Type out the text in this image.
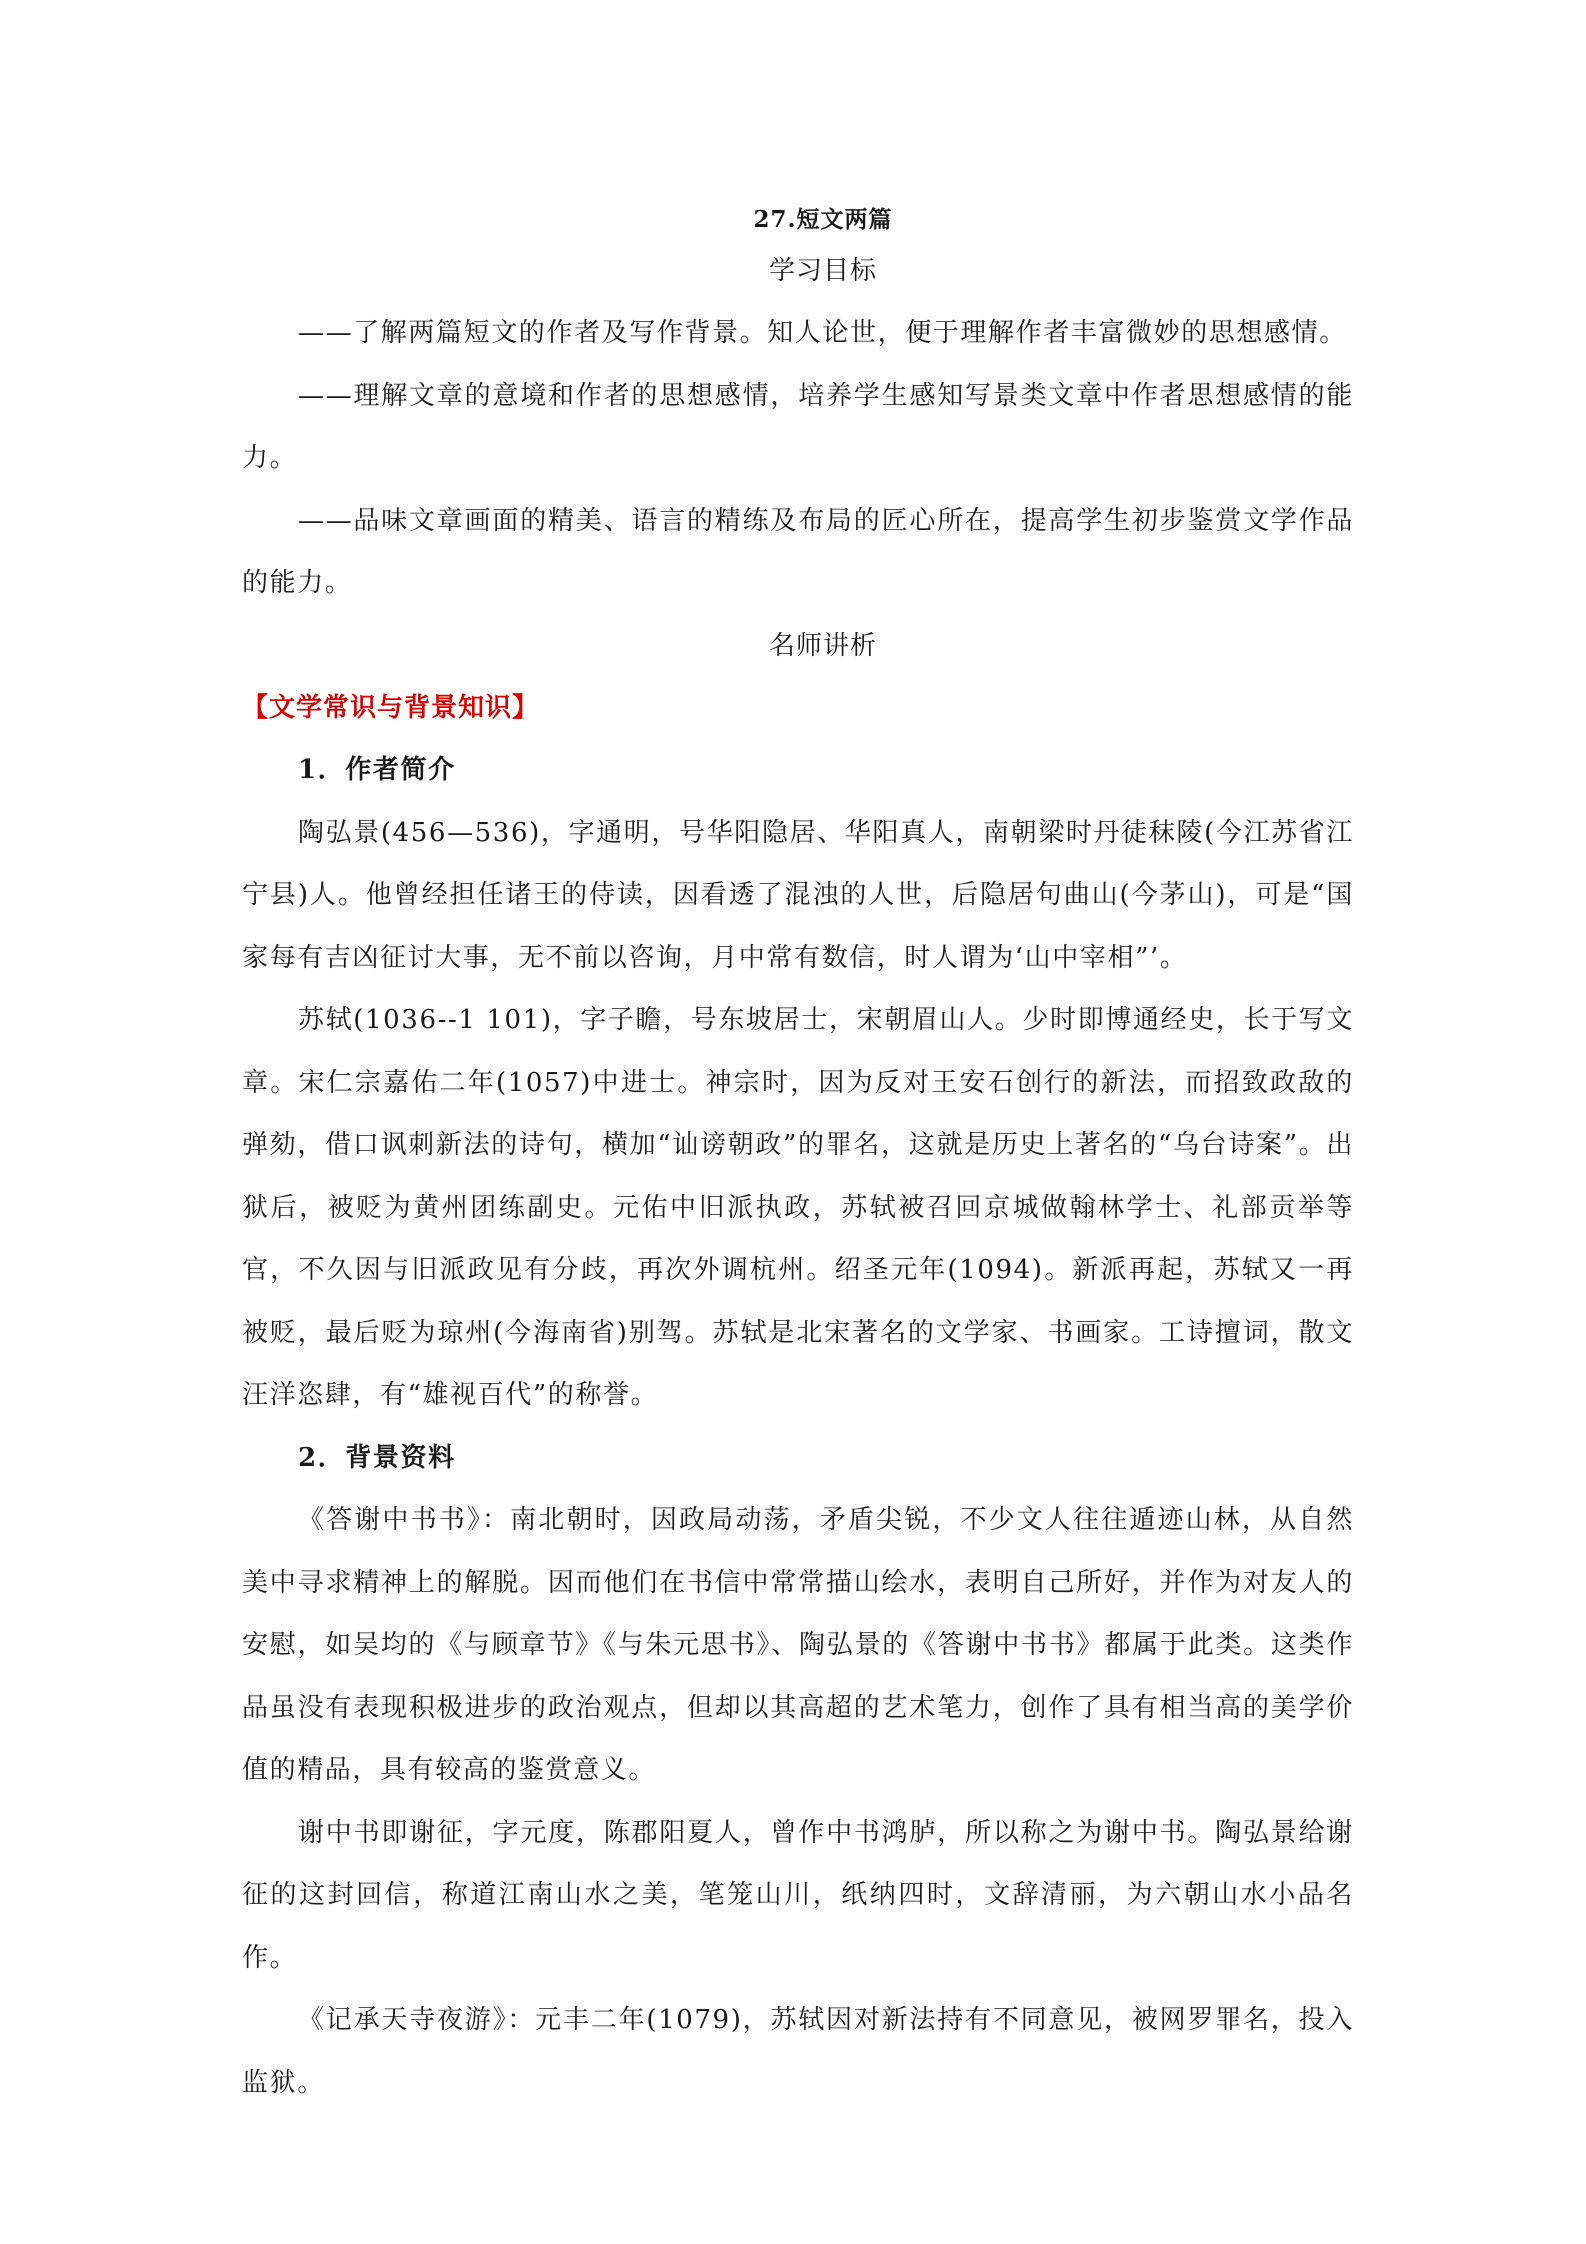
27.短文两篇
学习目标

——了解两篇短文的作者及写作背景。知人论世，便于理解作者丰富微妙的思想感情。

——理解文章的意境和作者的思想感情，培养学生感知写景类文章中作者思想感情的能力。

——品味文章画面的精美、语言的精练及布局的匠心所在，提高学生初步鉴赏文学作品的能力。

名师讲析
【文学常识与背景知识】
1．作者简介

陶弘景(456—536)，字通明，号华阳隐居、华阳真人，南朝梁时丹徒秣陵(今江苏省江宁县)人。他曾经担任诸王的侍读，因看透了混浊的人世，后隐居句曲山(今茅山)，可是“国家每有吉凶征讨大事，无不前以咨询，月中常有数信，时人谓为‘山中宰相”’。

苏轼(1036--1 101)，字子瞻，号东坡居士，宋朝眉山人。少时即博通经史，长于写文章。宋仁宗嘉佑二年(1057)中进士。神宗时，因为反对王安石创行的新法，而招致政敌的弹劾，借口讽刺新法的诗句，横加“讪谤朝政”的罪名，这就是历史上著名的“乌台诗案”。出狱后，被贬为黄州团练副史。元佑中旧派执政，苏轼被召回京城做翰林学士、礼部贡举等官，不久因与旧派政见有分歧，再次外调杭州。绍圣元年(1094)。新派再起，苏轼又一再被贬，最后贬为琼州(今海南省)别驾。苏轼是北宋著名的文学家、书画家。工诗擅词，散文汪洋恣肆，有“雄视百代”的称誉。

2．背景资料

《答谢中书书》：南北朝时，因政局动荡，矛盾尖锐，不少文人往往遁迹山林，从自然美中寻求精神上的解脱。因而他们在书信中常常描山绘水，表明自己所好，并作为对友人的安慰，如吴均的《与顾章节》《与朱元思书》、陶弘景的《答谢中书书》都属于此类。这类作品虽没有表现积极进步的政治观点，但却以其高超的艺术笔力，创作了具有相当高的美学价值的精品，具有较高的鉴赏意义。

谢中书即谢征，字元度，陈郡阳夏人，曾作中书鸿胪，所以称之为谢中书。陶弘景给谢征的这封回信，称道江南山水之美，笔笼山川，纸纳四时，文辞清丽，为六朝山水小品名作。

《记承天寺夜游》：元丰二年(1079)，苏轼因对新法持有不同意见，被网罗罪名，投入监狱。
